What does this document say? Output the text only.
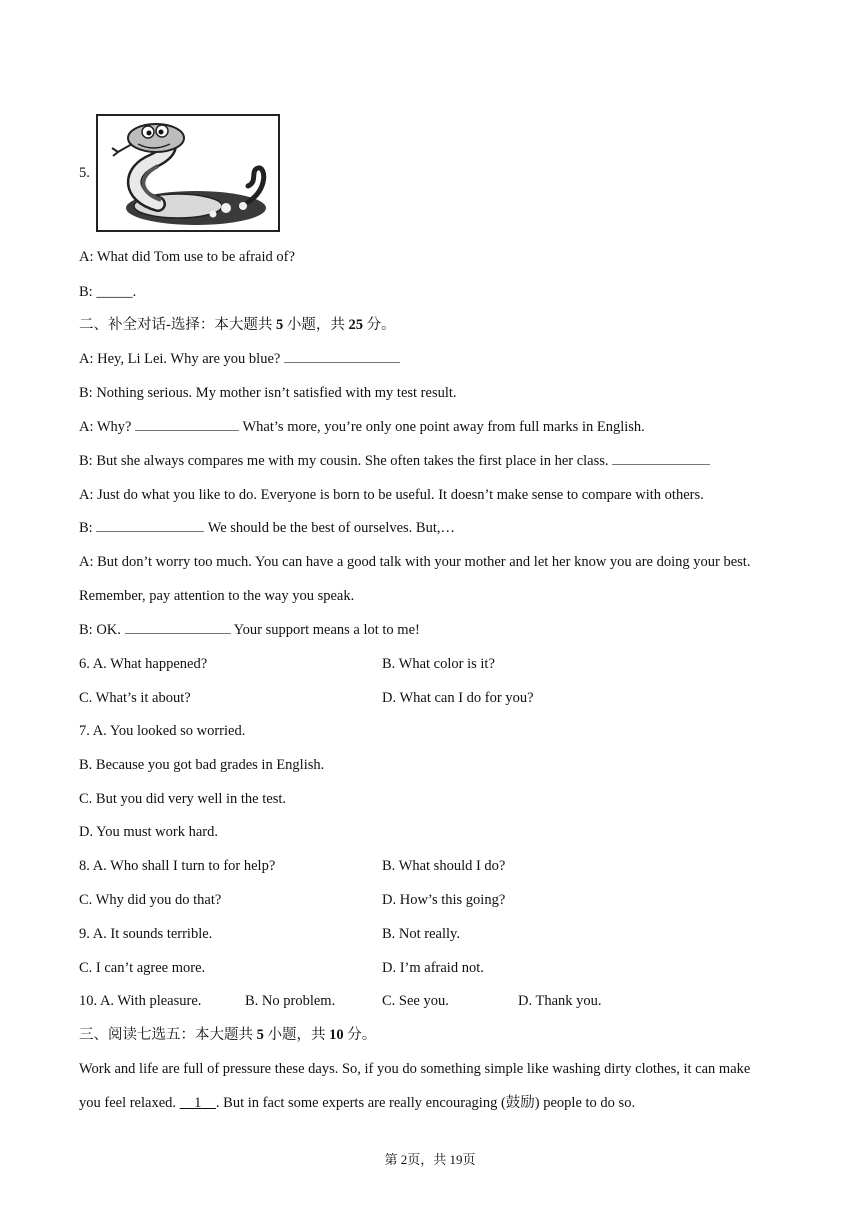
5.
A: What did Tom use to be afraid of?
B: _____.
二、补全对话-选择：本大题共 5 小题，共 25 分。
A: Hey, Li Lei. Why are you blue?
B: Nothing serious. My mother isn’t satisfied with my test result.
A: Why?	What’s more, you’re only one point away from full marks in English.
B: But she always compares me with my cousin. She often takes the first place in her class.
A: Just do what you like to do. Everyone is born to be useful. It doesn’t make sense to compare with others.
B:	We should be the best of ourselves. But,…
A: But don’t worry too much. You can have a good talk with your mother and let her know you are doing your best.
Remember, pay attention to the way you speak.
B: OK.	Your support means a lot to me!
6. A. What happened?	B. What color is it?
C. What’s it about?	D. What can I do for you?
7. A. You looked so worried.
B. Because you got bad grades in English.
C. But you did very well in the test.
D. You must work hard.
8. A. Who shall I turn to for help?	B. What should I do?
C. Why did you do that?	D. How’s this going?
9. A. It sounds terrible.	B. Not really.
C. I can’t agree more.	D. I’m afraid not.
10. A. With pleasure.	B. No problem.	C. See you.	D. Thank you.
三、阅读七选五：本大题共 5 小题，共 10 分。
Work and life are full of pressure these days. So, if you do something simple like washing dirty clothes, it can make
you feel relaxed.     1 . But in fact some experts are really encouraging (鼓励) people to do so.
第 2页，共 19页
